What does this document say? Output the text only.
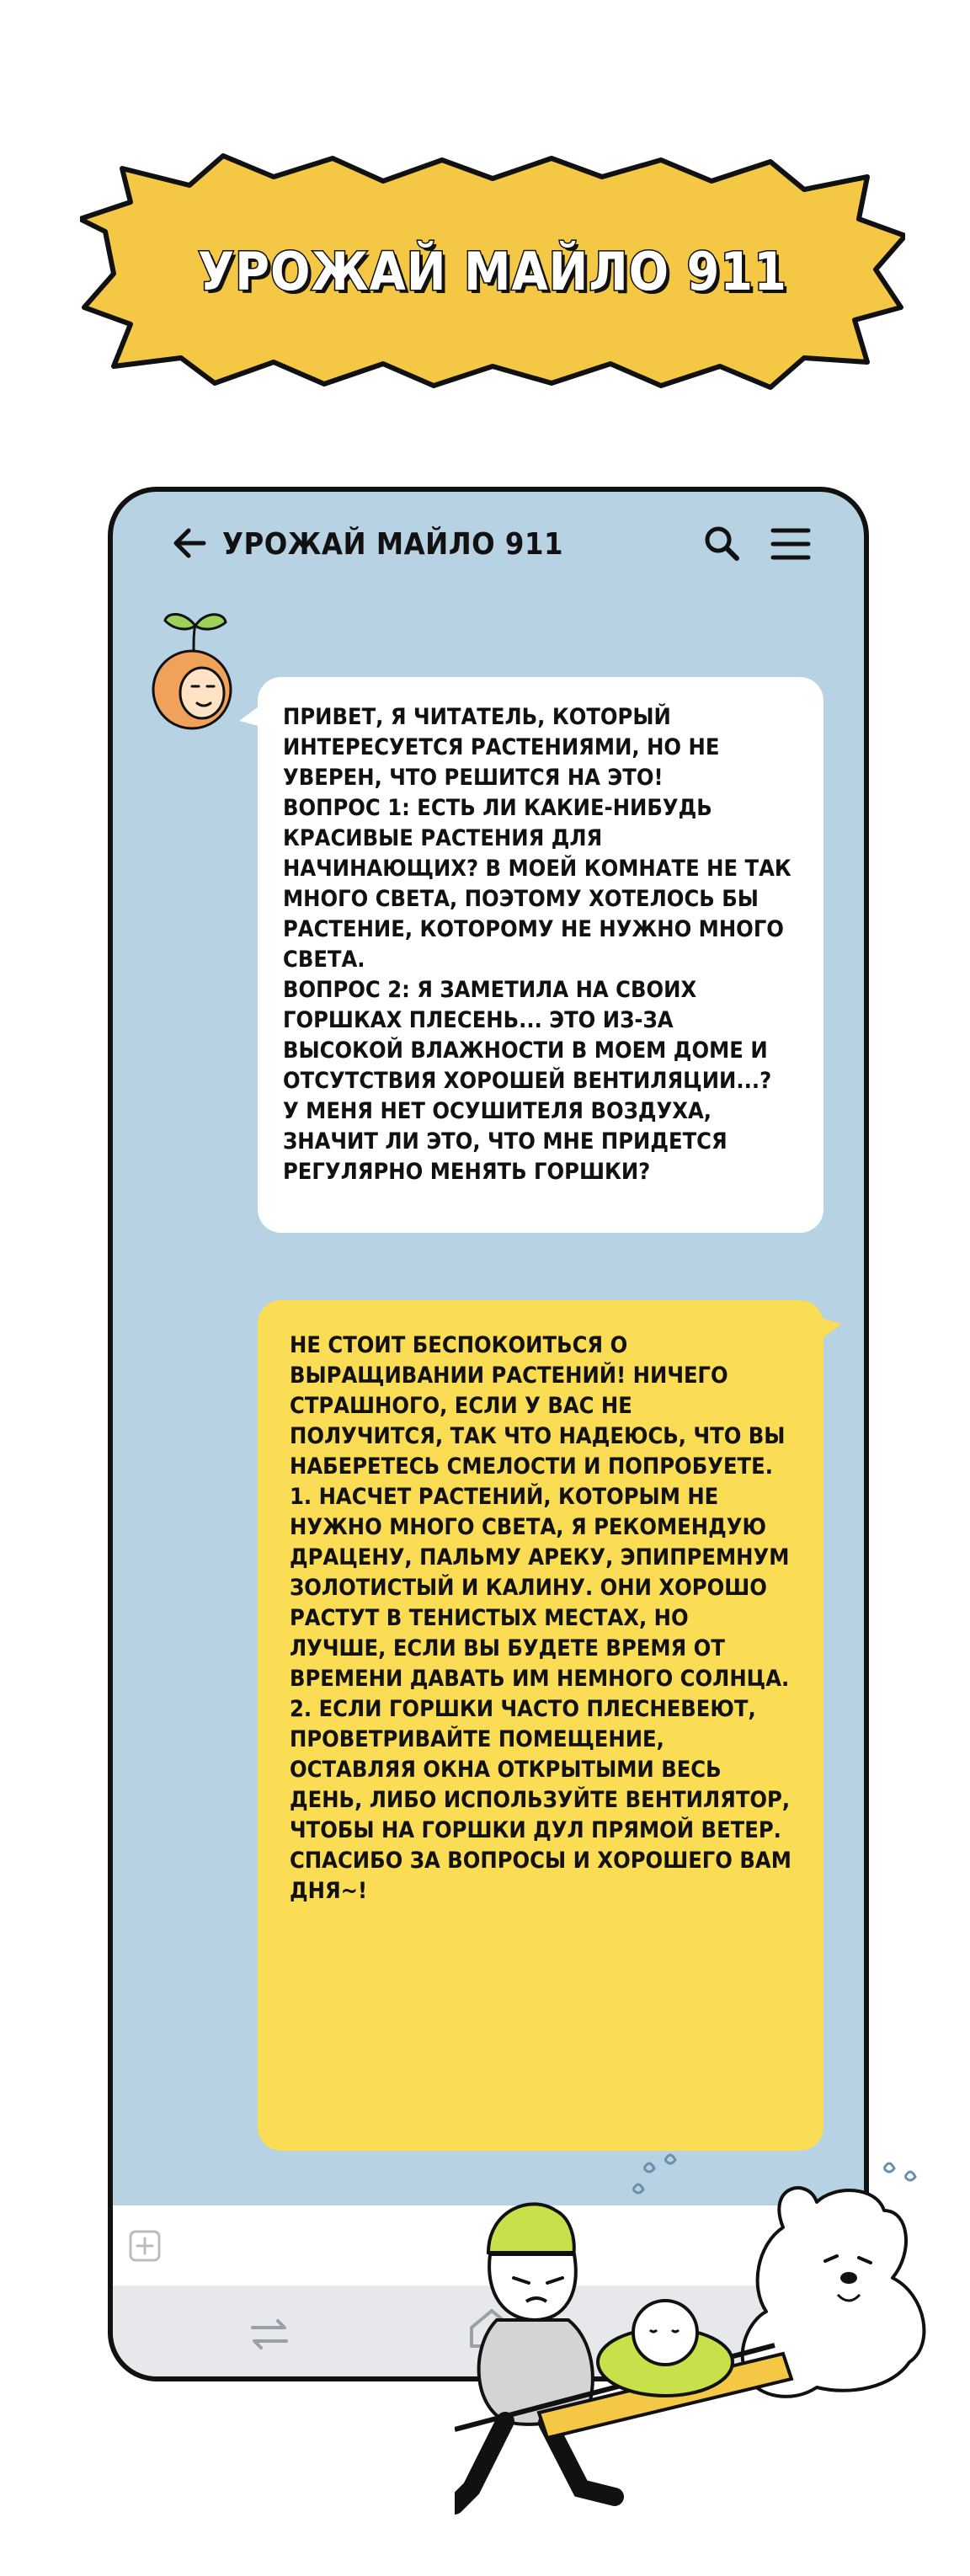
УРОЖАЙ МАЙЛО 911
УРОЖАЙ МАЙЛО 911
ПРИВЕТ, Я ЧИТАТЕЛЬ, КОТОРЫЙ ИНТЕРЕСУЕТСЯ РАСТЕНИЯМИ, НО НЕ УВЕРЕН, ЧТО РЕШИТСЯ НА ЭТО!
ВОПРОС 1: ЕСТЬ ЛИ КАКИЕ-НИБУДЬ КРАСИВЫЕ РАСТЕНИЯ ДЛЯ НАЧИНАЮЩИХ? В МОЕЙ КОМНАТЕ НЕ ТАК МНОГО СВЕТА, ПОЭТОМУ ХОТЕЛОСЬ БЫ РАСТЕНИЕ, КОТОРОМУ НЕ НУЖНО МНОГО СВЕТА.
ВОПРОС 2: Я ЗАМЕТИЛА НА СВОИХ ГОРШКАХ ПЛЕСЕНЬ... ЭТО ИЗ-ЗА ВЫСОКОЙ ВЛАЖНОСТИ В МОЕМ ДОМЕ И ОТСУТСТВИЯ ХОРОШЕЙ ВЕНТИЛЯЦИИ...?
У МЕНЯ НЕТ ОСУШИТЕЛЯ ВОЗДУХА, ЗНАЧИТ ЛИ ЭТО, ЧТО МНЕ ПРИДЕТСЯ РЕГУЛЯРНО МЕНЯТЬ ГОРШКИ?
НЕ СТОИТ БЕСПОКОИТЬСЯ О ВЫРАЩИВАНИИ РАСТЕНИЙ! НИЧЕГО СТРАШНОГО, ЕСЛИ У ВАС НЕ ПОЛУЧИТСЯ, ТАК ЧТО НАДЕЮСЬ, ЧТО ВЫ НАБЕРЕТЕСЬ СМЕЛОСТИ И ПОПРОБУЕТЕ.
1. НАСЧЕТ РАСТЕНИЙ, КОТОРЫМ НЕ НУЖНО МНОГО СВЕТА, Я РЕКОМЕНДУЮ ДРАЦЕНУ, ПАЛЬМУ АРЕКУ, ЭПИПРЕМНУМ ЗОЛОТИСТЫЙ И КАЛИНУ. ОНИ ХОРОШО РАСТУТ В ТЕНИСТЫХ МЕСТАХ, НО ЛУЧШЕ, ЕСЛИ ВЫ БУДЕТЕ ВРЕМЯ ОТ ВРЕМЕНИ ДАВАТЬ ИМ НЕМНОГО СОЛНЦА.
2. ЕСЛИ ГОРШКИ ЧАСТО ПЛЕСНЕВЕЮТ, ПРОВЕТРИВАЙТЕ ПОМЕЩЕНИЕ, ОСТАВЛЯЯ ОКНА ОТКРЫТЫМИ ВЕСЬ ДЕНЬ, ЛИБО ИСПОЛЬЗУЙТЕ ВЕНТИЛЯТОР, ЧТОБЫ НА ГОРШКИ ДУЛ ПРЯМОЙ ВЕТЕР.
СПАСИБО ЗА ВОПРОСЫ И ХОРОШЕГО ВАМ ДНЯ~!
